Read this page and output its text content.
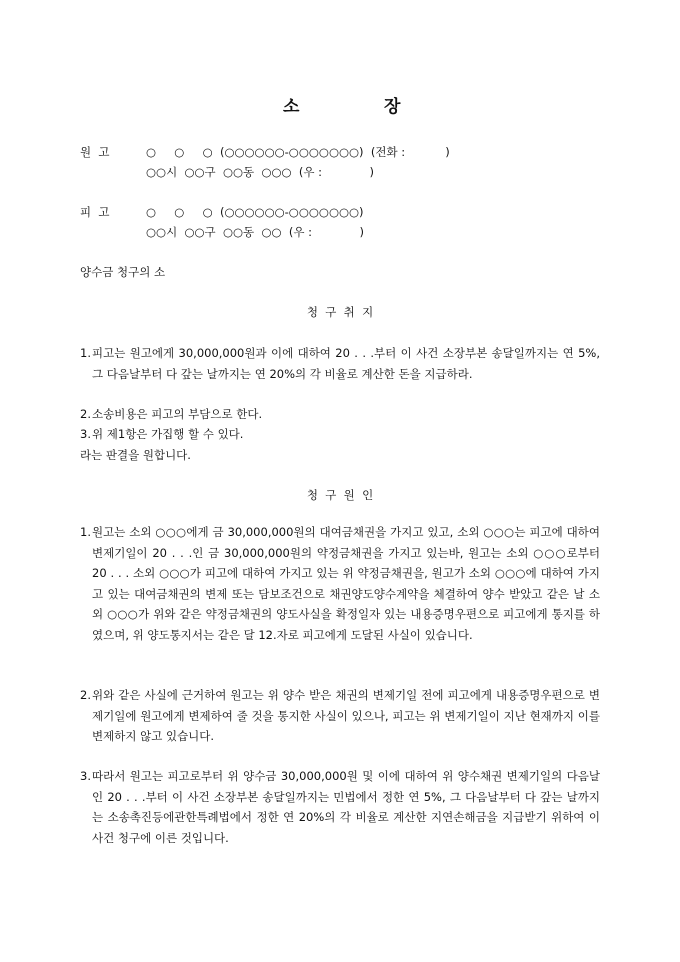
소	장
원  고	○     ○     ○  (○○○○○○-○○○○○○○)  (전화 :           )
○○시  ○○구  ○○동  ○○○  (우 :             )
피  고	○     ○     ○  (○○○○○○-○○○○○○○)
○○시  ○○구  ○○동  ○○  (우 :             )
양수금 청구의 소
청  구  취  지
1. 피고는 원고에게 30,000,000원과 이에 대하여 20 . . .부터 이 사건 소장부본 송달일까지는 연 5%, 그 다음날부터 다 갚는 날까지는 연 20%의 각 비율로 계산한 돈을 지급하라.
2. 소송비용은 피고의 부담으로 한다.
3. 위 제1항은 가집행 할 수 있다.
라는 판결을 원합니다.
청  구  원  인
1. 원고는 소외 ○○○에게 금 30,000,000원의 대여금채권을 가지고 있고, 소외 ○○○는 피고에 대하여 변제기일이 20 . . .인 금 30,000,000원의 약정금채권을 가지고 있는바, 원고는 소외 ○○○로부터 20 . . . 소외 ○○○가 피고에 대하여 가지고 있는 위 약정금채권을, 원고가 소외 ○○○에 대하여 가지고 있는 대여금채권의 변제 또는 담보조건으로 채권양도양수계약을 체결하여 양수 받았고 같은 날 소외 ○○○가 위와 같은 약정금채권의 양도사실을 확정일자 있는 내용증명우편으로 피고에게 통지를 하였으며, 위 양도통지서는 같은 달 12.자로 피고에게 도달된 사실이 있습니다.
2. 위와 같은 사실에 근거하여 원고는 위 양수 받은 채권의 변제기일 전에 피고에게 내용증명우편으로 변제기일에 원고에게 변제하여 줄 것을 통지한 사실이 있으나, 피고는 위 변제기일이 지난 현재까지 이를 변제하지 않고 있습니다.
3. 따라서 원고는 피고로부터 위 양수금 30,000,000원 및 이에 대하여 위 양수채권 변제기일의 다음날인 20 . . .부터 이 사건 소장부본 송달일까지는 민법에서 정한 연 5%, 그 다음날부터 다 갚는 날까지는 소송촉진등에관한특례법에서 정한 연 20%의 각 비율로 계산한 지연손해금을 지급받기 위하여 이 사건 청구에 이른 것입니다.
